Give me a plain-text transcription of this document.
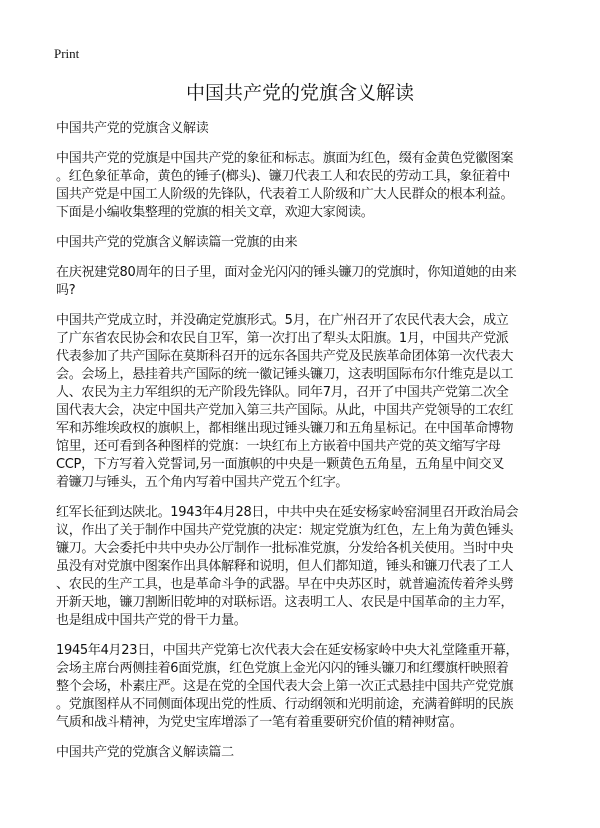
Print
中国共产党的党旗含义解读
中国共产党的党旗含义解读
中国共产党的党旗是中国共产党的象征和标志。旗面为红色，缀有金黄色党徽图案
。红色象征革命，黄色的锤子(榔头)、镰刀代表工人和农民的劳动工具，象征着中
国共产党是中国工人阶级的先锋队，代表着工人阶级和广大人民群众的根本利益。
下面是小编收集整理的党旗的相关文章，欢迎大家阅读。
中国共产党的党旗含义解读篇一党旗的由来
在庆祝建党80周年的日子里，面对金光闪闪的锤头镰刀的党旗时，你知道她的由来
吗?
中国共产党成立时，并没确定党旗形式。5月，在广州召开了农民代表大会，成立
了广东省农民协会和农民自卫军，第一次打出了犁头太阳旗。1月，中国共产党派
代表参加了共产国际在莫斯科召开的远东各国共产党及民族革命团体第一次代表大
会。会场上，悬挂着共产国际的统一徽记锤头镰刀，这表明国际布尔什维克是以工
人、农民为主力军组织的无产阶段先锋队。同年7月，召开了中国共产党第二次全
国代表大会，决定中国共产党加入第三共产国际。从此，中国共产党领导的工农红
军和苏维埃政权的旗帜上，都相继出现过锤头镰刀和五角星标记。在中国革命博物
馆里，还可看到各种图样的党旗：一块红布上方嵌着中国共产党的英文缩写字母
CCP，下方写着入党誓词,另一面旗帜的中央是一颗黄色五角星，五角星中间交叉
着镰刀与锤头，五个角内写着中国共产党五个红字。
红军长征到达陕北。1943年4月28日，中共中央在延安杨家岭窑洞里召开政治局会
议，作出了关于制作中国共产党党旗的决定：规定党旗为红色，左上角为黄色锤头
镰刀。大会委托中共中央办公厅制作一批标准党旗，分发给各机关使用。当时中央
虽没有对党旗中图案作出具体解释和说明，但人们都知道，锤头和镰刀代表了工人
、农民的生产工具，也是革命斗争的武器。早在中央苏区时，就普遍流传着斧头劈
开新天地，镰刀割断旧乾坤的对联标语。这表明工人、农民是中国革命的主力军，
也是组成中国共产党的骨干力量。
1945年4月23日，中国共产党第七次代表大会在延安杨家岭中央大礼堂隆重开幕，
会场主席台两侧挂着6面党旗，红色党旗上金光闪闪的锤头镰刀和红缨旗杆映照着
整个会场，朴素庄严。这是在党的全国代表大会上第一次正式悬挂中国共产党党旗
。党旗图样从不同侧面体现出党的性质、行动纲领和光明前途，充满着鲜明的民族
气质和战斗精神，为党史宝库增添了一笔有着重要研究价值的精神财富。
中国共产党的党旗含义解读篇二
